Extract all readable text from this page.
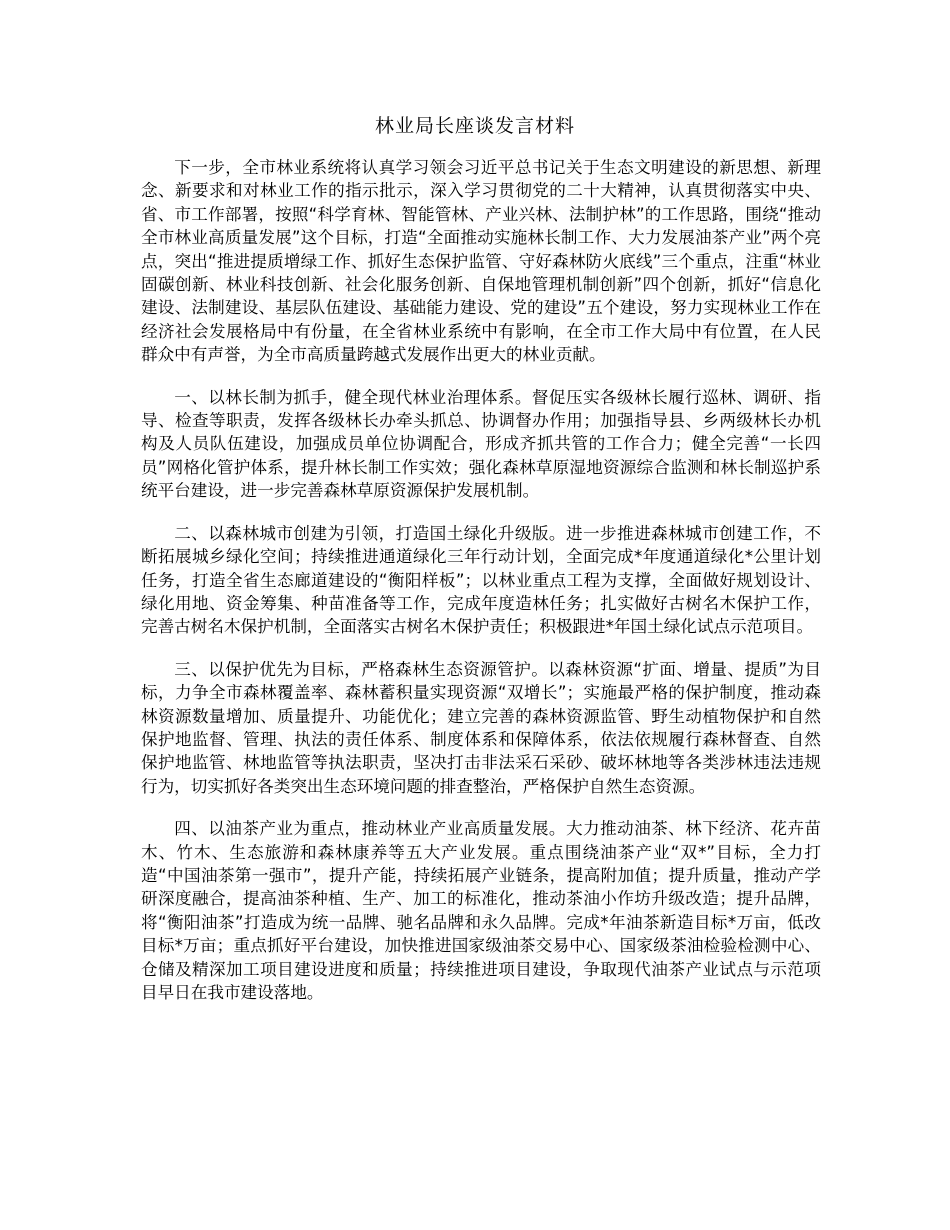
林业局长座谈发言材料

下一步，全市林业系统将认真学习领会习近平总书记关于生态文明建设的新思想、新理念、新要求和对林业工作的指示批示，深入学习贯彻党的二十大精神，认真贯彻落实中央、省、市工作部署，按照“科学育林、智能管林、产业兴林、法制护林”的工作思路，围绕“推动全市林业高质量发展”这个目标，打造“全面推动实施林长制工作、大力发展油茶产业”两个亮点，突出“推进提质增绿工作、抓好生态保护监管、守好森林防火底线”三个重点，注重“林业固碳创新、林业科技创新、社会化服务创新、自保地管理机制创新”四个创新，抓好“信息化建设、法制建设、基层队伍建设、基础能力建设、党的建设”五个建设，努力实现林业工作在经济社会发展格局中有份量，在全省林业系统中有影响，在全市工作大局中有位置，在人民群众中有声誉，为全市高质量跨越式发展作出更大的林业贡献。

一、以林长制为抓手，健全现代林业治理体系。督促压实各级林长履行巡林、调研、指导、检查等职责，发挥各级林长办牵头抓总、协调督办作用；加强指导县、乡两级林长办机构及人员队伍建设，加强成员单位协调配合，形成齐抓共管的工作合力；健全完善“一长四员”网格化管护体系，提升林长制工作实效；强化森林草原湿地资源综合监测和林长制巡护系统平台建设，进一步完善森林草原资源保护发展机制。

二、以森林城市创建为引领，打造国土绿化升级版。进一步推进森林城市创建工作，不断拓展城乡绿化空间；持续推进通道绿化三年行动计划，全面完成*年度通道绿化*公里计划任务，打造全省生态廊道建设的“衡阳样板”；以林业重点工程为支撑，全面做好规划设计、绿化用地、资金筹集、种苗准备等工作，完成年度造林任务；扎实做好古树名木保护工作，完善古树名木保护机制，全面落实古树名木保护责任；积极跟进*年国土绿化试点示范项目。

三、以保护优先为目标，严格森林生态资源管护。以森林资源“扩面、增量、提质”为目标，力争全市森林覆盖率、森林蓄积量实现资源“双增长”；实施最严格的保护制度，推动森林资源数量增加、质量提升、功能优化；建立完善的森林资源监管、野生动植物保护和自然保护地监督、管理、执法的责任体系、制度体系和保障体系，依法依规履行森林督查、自然保护地监管、林地监管等执法职责，坚决打击非法采石采砂、破坏林地等各类涉林违法违规行为，切实抓好各类突出生态环境问题的排查整治，严格保护自然生态资源。

四、以油茶产业为重点，推动林业产业高质量发展。大力推动油茶、林下经济、花卉苗木、竹木、生态旅游和森林康养等五大产业发展。重点围绕油茶产业“双*”目标，全力打造“中国油茶第一强市”，提升产能，持续拓展产业链条，提高附加值；提升质量，推动产学研深度融合，提高油茶种植、生产、加工的标准化，推动茶油小作坊升级改造；提升品牌，将“衡阳油茶”打造成为统一品牌、驰名品牌和永久品牌。完成*年油茶新造目标*万亩，低改目标*万亩；重点抓好平台建设，加快推进国家级油茶交易中心、国家级茶油检验检测中心、仓储及精深加工项目建设进度和质量；持续推进项目建设，争取现代油茶产业试点与示范项目早日在我市建设落地。
